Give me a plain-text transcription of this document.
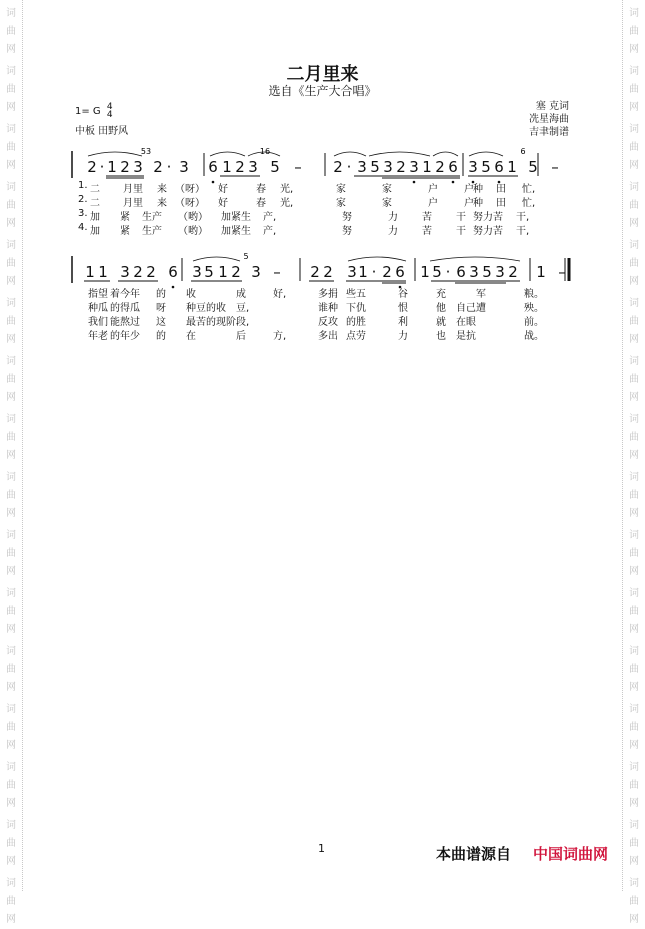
词
曲
网
词
曲
网
词
曲
网
词
曲
网
词
曲
网
词
曲
网
词
曲
网
词
曲
网
词
曲
网
词
曲
网
词
曲
网
词
曲
网
词
曲
网
词
曲
网
词
曲
网
词
曲
网
词
曲
网
词
曲
网
词
曲
网
词
曲
网
词
曲
网
词
曲
网
词
曲
网
词
曲
网
词
曲
网
词
曲
网
词
曲
网
词
曲
网
词
曲
网
词
曲
网
词
曲
网
词
曲
网
二月里来
选自《生产大合唱》
1= G 4
4
中板 田野风
塞 克词
冼星海曲
吉聿制谱
2 · 1 2 3 2 · 3 6 1 2 3 5 – 2 · 3 5 3 2 3 1 2 6 3 5 6 1 5 –
53	16	6
1. 二 月里 来 （呀） 好	春 光,	家	家	户	户 种 田 忙,
2. 二 月里 来 （呀） 好	春 光,	家	家	户	户 种 田 忙,
3. 加 紧 生产 （哟） 加紧生 产,	努	力 苦 干 努力苦 干,
4. 加 紧 生产 （哟） 加紧生 产,	努	力 苦 干 努力苦 干,
1 1 3 2 2 6 3 5 1 2 3 – 2 2 3 1 · 2 6 1 5 · 6 3 5 3 2 1 –
5
指望 着今年 的 收	成	好,	多捐 些五	谷	充	军	粮。
种瓜 的得瓜 呀 种豆的收 豆,	谁种 下仇	恨	他 自己遭	殃。
我们 能熬过 这 最苦的现阶 段,	反攻 的胜	利	就 在眼	前。
年老 的年少 的 在	后	方,	多出 点劳	力	也 是抗	战。
1	本曲谱源自 中国词曲网
